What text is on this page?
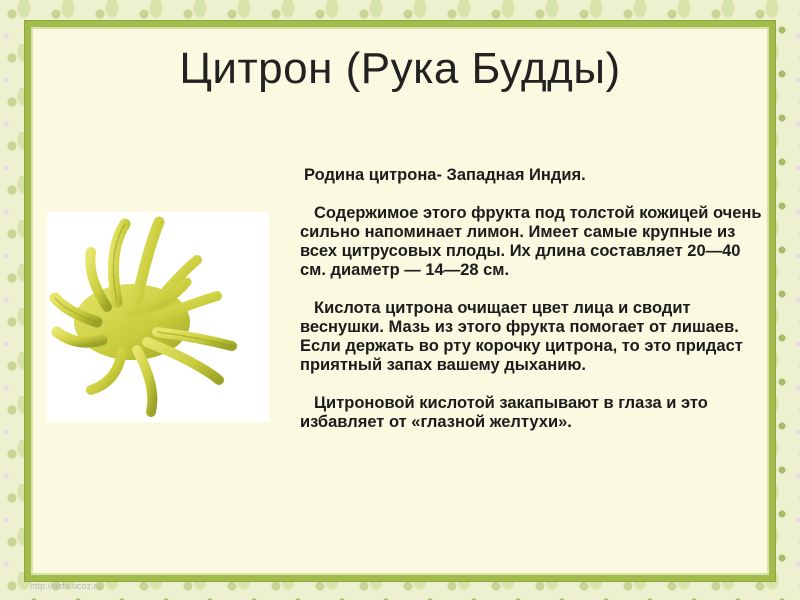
Цитрон (Рука Будды)

Родина цитрона- Западная Индия.

Содержимое этого фрукта под толстой кожицей очень сильно напоминает лимон. Имеет самые крупные из всех цитрусовых плоды. Их длина составляет 20—40 см. диаметр — 14—28 см.

Кислота цитрона очищает цвет лица и сводит веснушки. Мазь из этого фрукта помогает от лишаев. Если держать во рту корочку цитрона, то это придаст приятный запах вашему дыханию.

Цитроновой кислотой закапывают в глаза и это избавляет от «глазной желтухи».

http://aida.ucoz.ru
